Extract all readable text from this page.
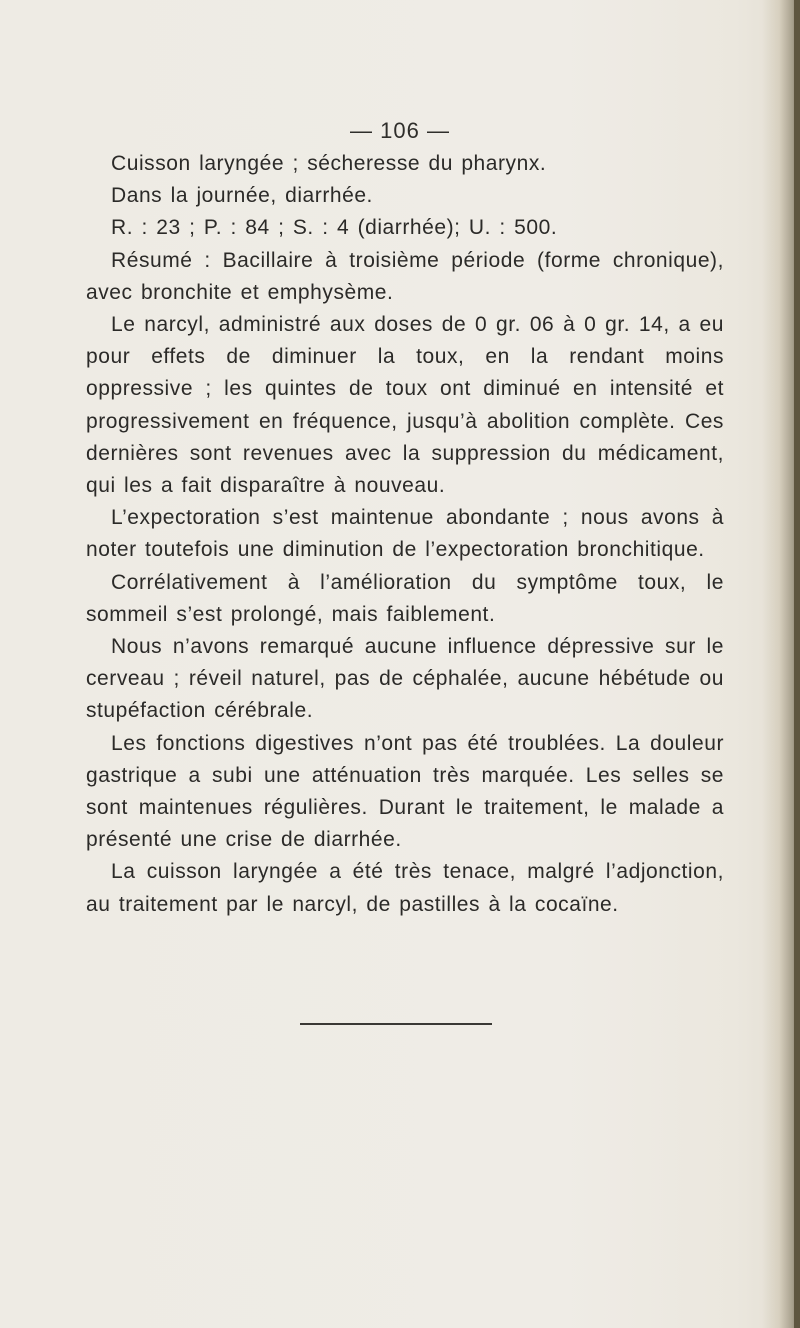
— 106 —

Cuisson laryngée ; sécheresse du pharynx.

Dans la journée, diarrhée.

R. : 23 ; P. : 84 ; S. : 4 (diarrhée); U. : 500.

Résumé : Bacillaire à troisième période (forme chronique), avec bronchite et emphysème.

Le narcyl, administré aux doses de 0 gr. 06 à 0 gr. 14, a eu pour effets de diminuer la toux, en la rendant moins oppressive ; les quintes de toux ont diminué en intensité et progressivement en fréquence, jusqu’à abolition complète. Ces dernières sont revenues avec la suppression du médicament, qui les a fait disparaître à nouveau.

L’expectoration s’est maintenue abondante ; nous avons à noter toutefois une diminution de l’expectoration bronchitique.

Corrélativement à l’amélioration du symptôme toux, le sommeil s’est prolongé, mais faiblement.

Nous n’avons remarqué aucune influence dépressive sur le cerveau ; réveil naturel, pas de céphalée, aucune hébétude ou stupéfaction cérébrale.

Les fonctions digestives n’ont pas été troublées. La douleur gastrique a subi une atténuation très marquée. Les selles se sont maintenues régulières. Durant le traitement, le malade a présenté une crise de diarrhée.

La cuisson laryngée a été très tenace, malgré l’adjonction, au traitement par le narcyl, de pastilles à la cocaïne.
